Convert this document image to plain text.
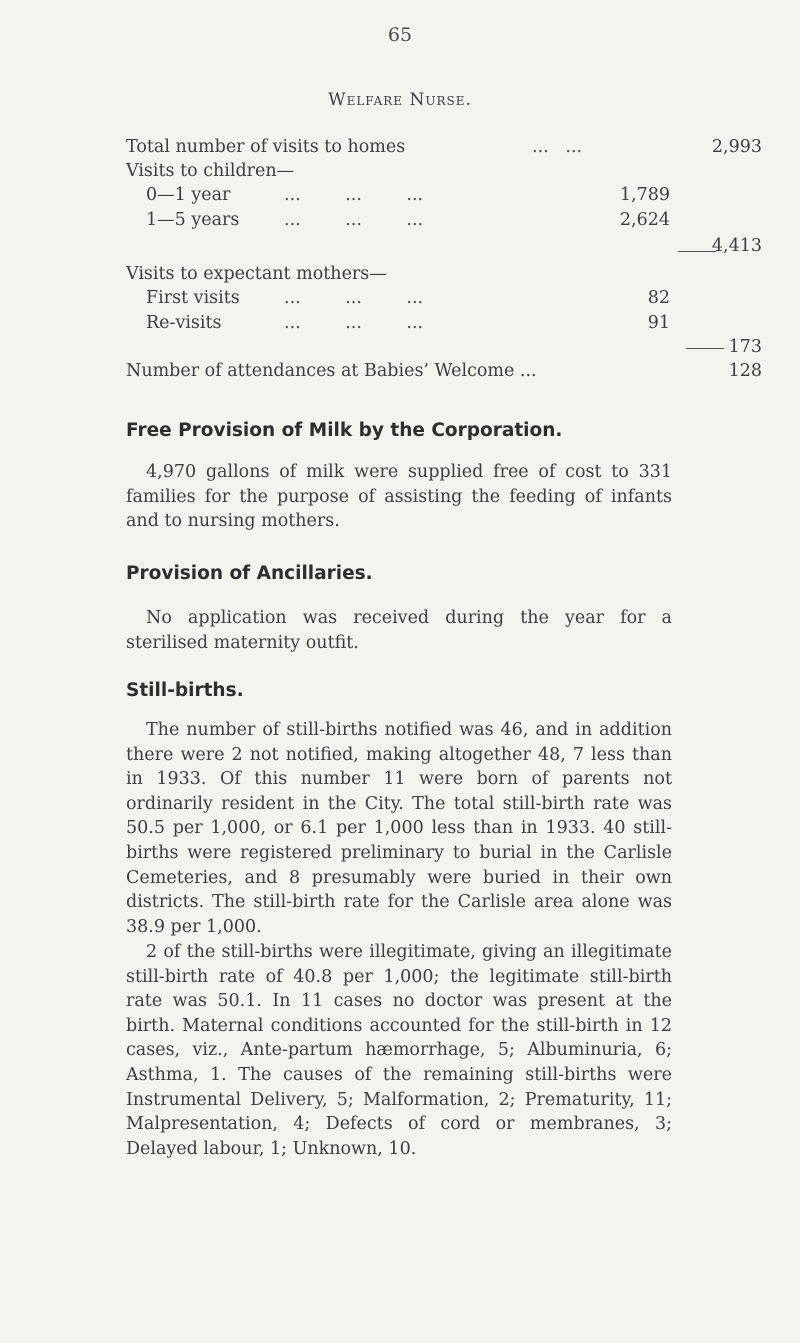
65
Welfare Nurse.
Total number of visits to homes	...   ...	2,993
Visits to children—
0—1 year	...        ...        ...	1,789
1—5 years	...        ...        ...	2,624
4,413
Visits to expectant mothers—
First visits	...        ...        ...	82
Re-visits	...        ...        ...	91
173
Number of attendances at Babies’ Welcome ...	128
Free Provision of Milk by the Corporation.

4,970 gallons of milk were supplied free of cost to 331 families for the purpose of assisting the feeding of infants and to nursing mothers.

Provision of Ancillaries.

No application was received during the year for a sterilised maternity outfit.

Still-births.

The number of still-births notified was 46, and in addition there were 2 not notified, making altogether 48, 7 less than in 1933. Of this number 11 were born of parents not ordinarily resident in the City. The total still-birth rate was 50.5 per 1,000, or 6.1 per 1,000 less than in 1933. 40 still-births were registered preliminary to burial in the Carlisle Cemeteries, and 8 presumably were buried in their own districts. The still-birth rate for the Carlisle area alone was 38.9 per 1,000.

2 of the still-births were illegitimate, giving an illegitimate still-birth rate of 40.8 per 1,000; the legitimate still-birth rate was 50.1. In 11 cases no doctor was present at the birth. Maternal conditions accounted for the still-birth in 12 cases, viz., Ante-partum hæmorrhage, 5; Albuminuria, 6; Asthma, 1. The causes of the remaining still-births were Instrumental Delivery, 5; Malformation, 2; Prematurity, 11; Malpresentation, 4; Defects of cord or membranes, 3; Delayed labour, 1; Unknown, 10.
